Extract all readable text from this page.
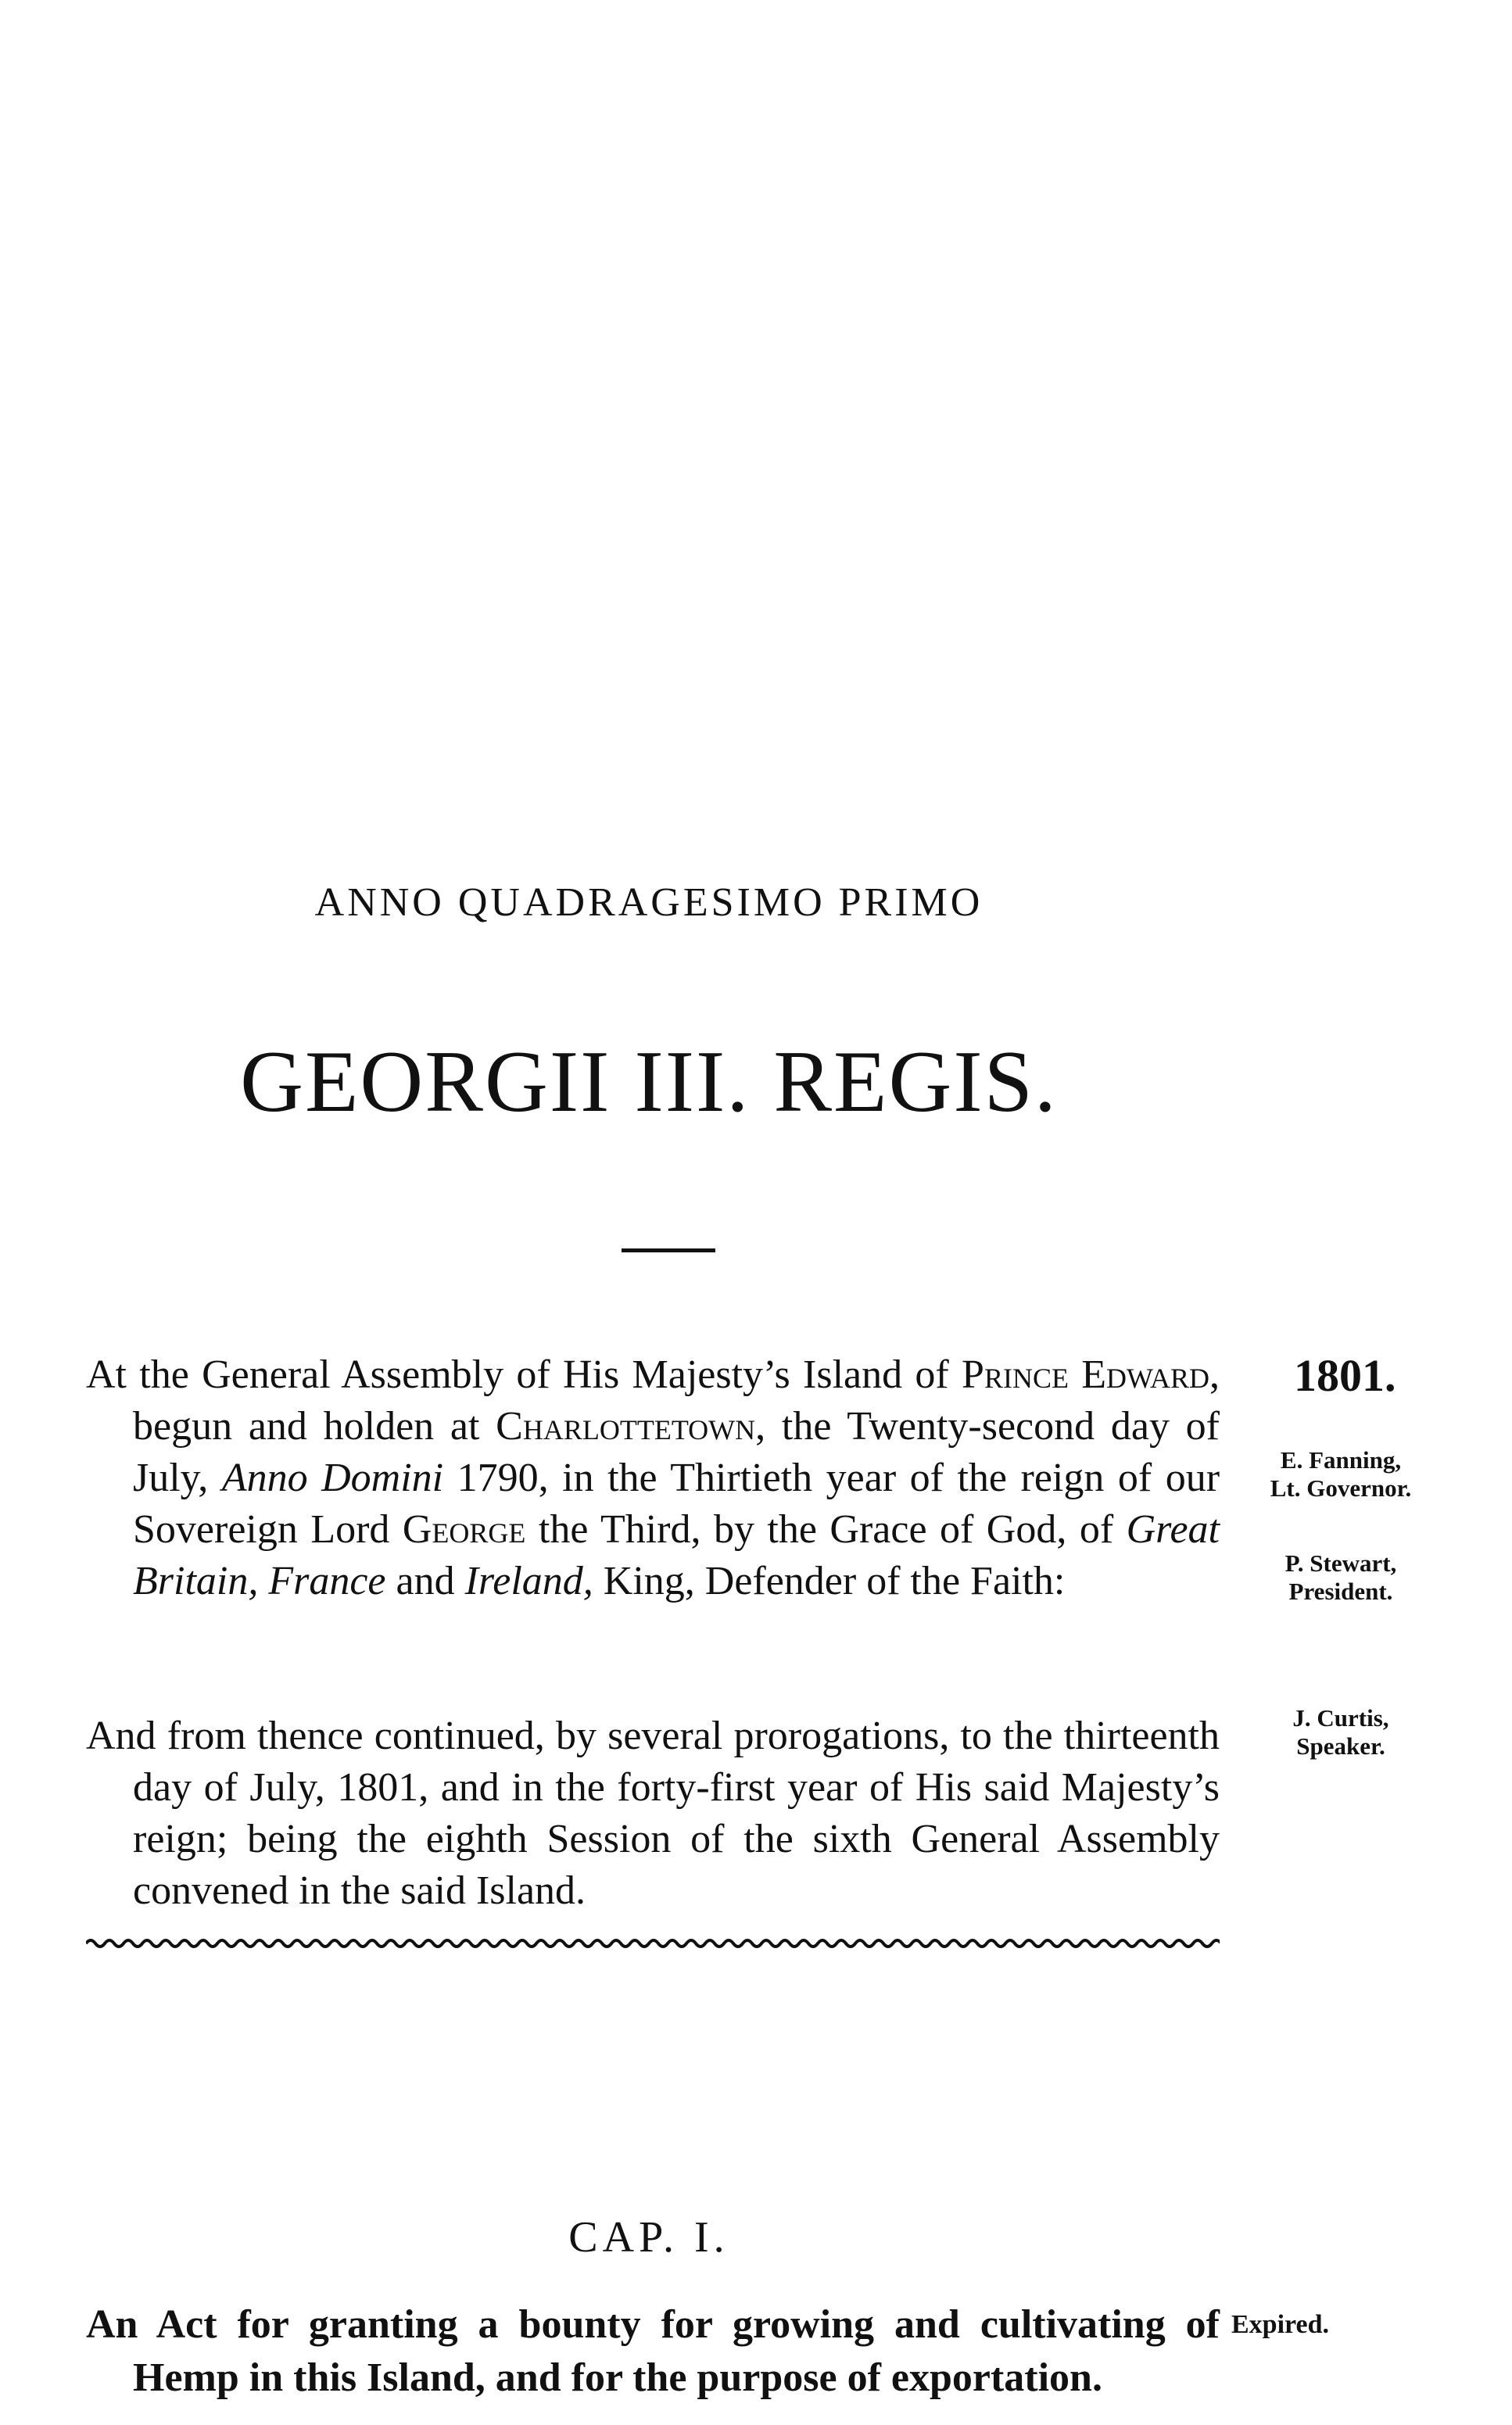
ANNO QUADRAGESIMO PRIMO
GEORGII III. REGIS.
At the General Assembly of His Majesty’s Island of Prince Edward, begun and holden at Charlottetown, the Twenty-second day of July, Anno Domini 1790, in the Thirtieth year of the reign of our Sovereign Lord George the Third, by the Grace of God, of Great Britain, France and Ireland, King, Defender of the Faith:
And from thence continued, by several prorogations, to the thirteenth day of July, 1801, and in the forty-first year of His said Majesty’s reign; being the eighth Session of the sixth General Assembly convened in the said Island.
1801.
E. Fanning,
Lt. Governor.
P. Stewart,
President.
J. Curtis,
Speaker.
CAP. I.
An Act for granting a bounty for growing and cultivating of Hemp in this Island, and for the purpose of exportation.
Expired.
